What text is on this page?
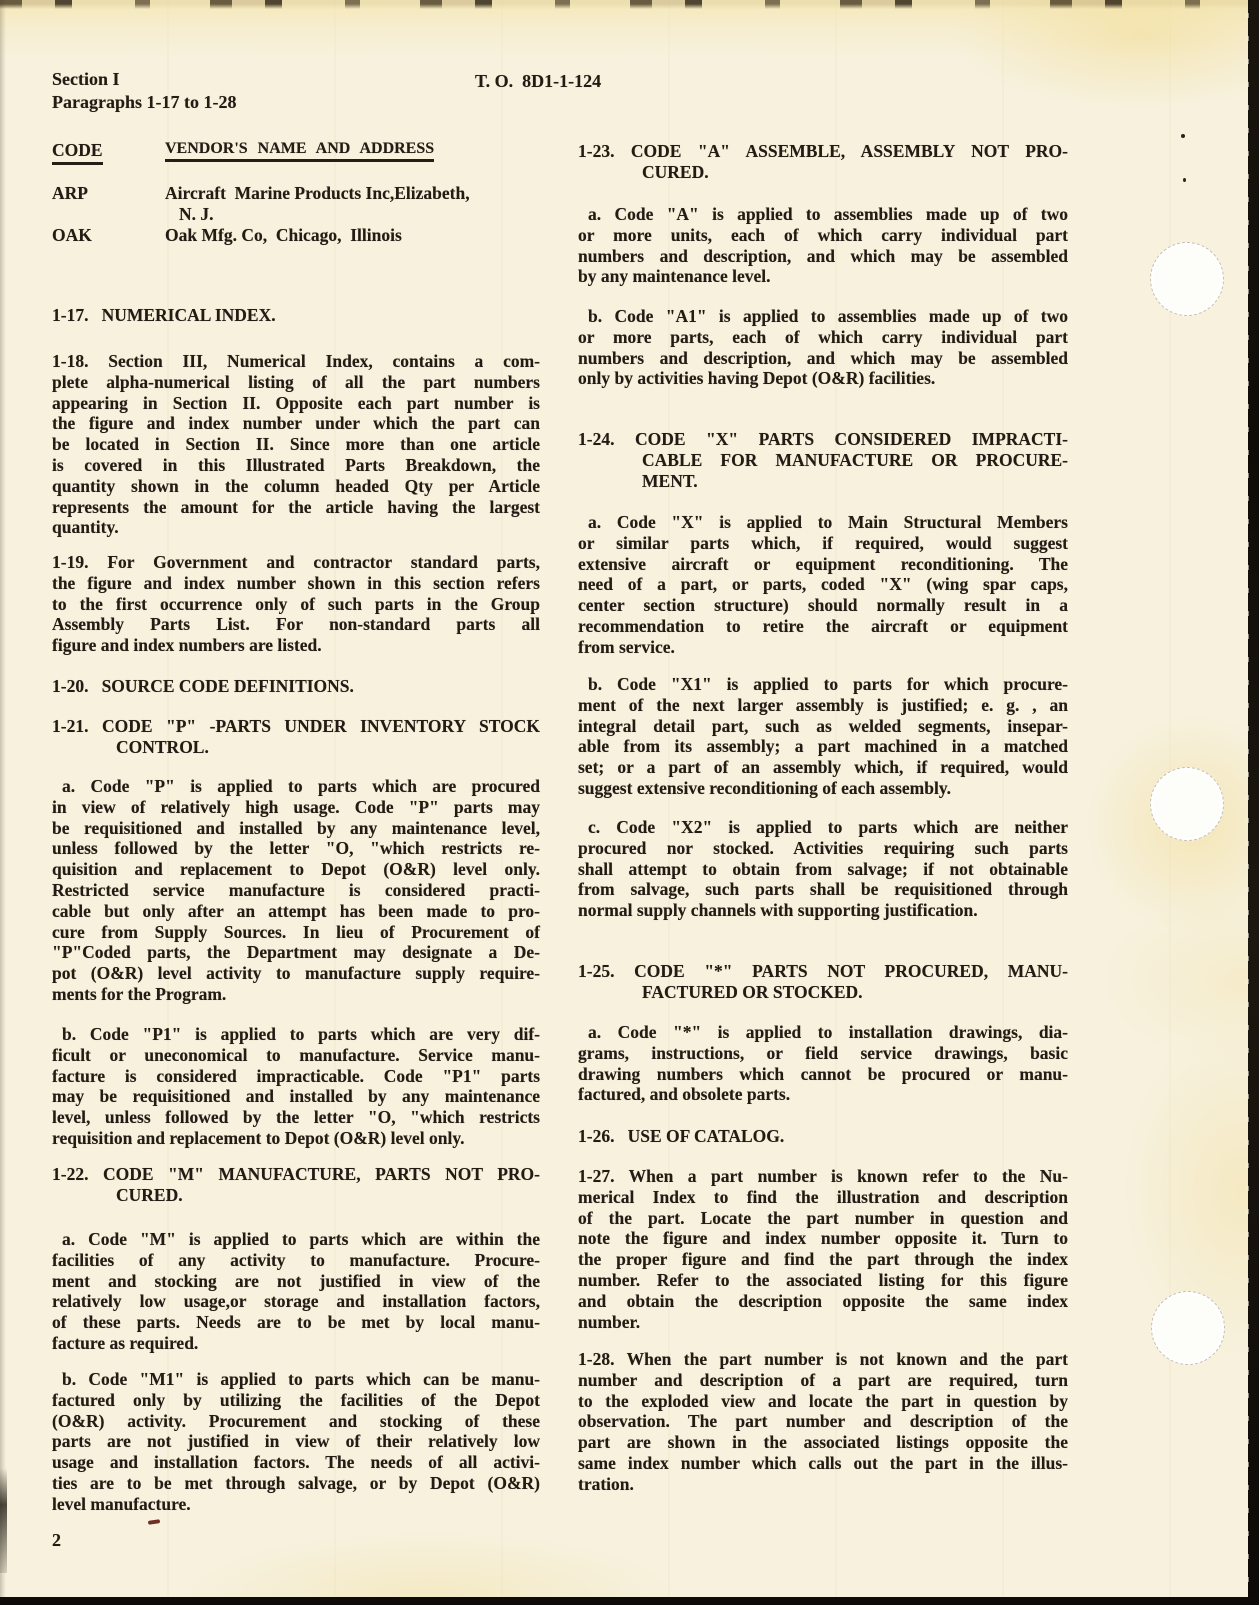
Section I
Paragraphs 1-17 to 1-28
T. O.  8D1-1-124
CODE	VENDOR'S NAME AND ADDRESS
ARP	Aircraft  Marine Products Inc,Elizabeth,
N. J.
OAK	Oak Mfg. Co,  Chicago,  Illinois
1-17.   NUMERICAL INDEX.
1-18. Section III, Numerical Index, contains a com-
plete alpha-numerical listing of all the part numbers
appearing in Section II. Opposite each part number is
the figure and index number under which the part can
be located in Section II. Since more than one article
is covered in this Illustrated Parts Breakdown, the
quantity shown in the column headed Qty per Article
represents the amount for the article having the largest
quantity.
1-19. For Government and contractor standard parts,
the figure and index number shown in this section refers
to the first occurrence only of such parts in the Group
Assembly Parts List. For non-standard parts all
figure and index numbers are listed.
1-20.   SOURCE CODE DEFINITIONS.
1-21. CODE "P" -PARTS UNDER INVENTORY STOCK
CONTROL.
a. Code "P" is applied to parts which are procured
in view of relatively high usage. Code "P" parts may
be requisitioned and installed by any maintenance level,
unless followed by the letter "O, "which restricts re-
quisition and replacement to Depot (O&R) level only.
Restricted service manufacture is considered practi-
cable but only after an attempt has been made to pro-
cure from Supply Sources. In lieu of Procurement of
"P"Coded parts, the Department may designate a De-
pot (O&R) level activity to manufacture supply require-
ments for the Program.
b. Code "P1" is applied to parts which are very dif-
ficult or uneconomical to manufacture. Service manu-
facture is considered impracticable. Code "P1" parts
may be requisitioned and installed by any maintenance
level, unless followed by the letter "O, "which restricts
requisition and replacement to Depot (O&R) level only.
1-22. CODE "M" MANUFACTURE, PARTS NOT PRO-
CURED.
a. Code "M" is applied to parts which are within the
facilities of any activity to manufacture. Procure-
ment and stocking are not justified in view of the
relatively low usage,or storage and installation factors,
of these parts. Needs are to be met by local manu-
facture as required.
b. Code "M1" is applied to parts which can be manu-
factured only by utilizing the facilities of the Depot
(O&R) activity. Procurement and stocking of these
parts are not justified in view of their relatively low
usage and installation factors. The needs of all activi-
ties are to be met through salvage, or by Depot (O&R)
level manufacture.
2
1-23. CODE "A" ASSEMBLE, ASSEMBLY NOT PRO-
CURED.
a. Code "A" is applied to assemblies made up of two
or more units, each of which carry individual part
numbers and description, and which may be assembled
by any maintenance level.
b. Code "A1" is applied to assemblies made up of two
or more parts, each of which carry individual part
numbers and description, and which may be assembled
only by activities having Depot (O&R) facilities.
1-24. CODE "X" PARTS CONSIDERED IMPRACTI-
CABLE FOR MANUFACTURE OR PROCURE-
MENT.
a. Code "X" is applied to Main Structural Members
or similar parts which, if required, would suggest
extensive aircraft or equipment reconditioning. The
need of a part, or parts, coded "X" (wing spar caps,
center section structure) should normally result in a
recommendation to retire the aircraft or equipment
from service.
b. Code "X1" is applied to parts for which procure-
ment of the next larger assembly is justified; e. g. , an
integral detail part, such as welded segments, insepar-
able from its assembly; a part machined in a matched
set; or a part of an assembly which, if required, would
suggest extensive reconditioning of each assembly.
c. Code "X2" is applied to parts which are neither
procured nor stocked. Activities requiring such parts
shall attempt to obtain from salvage; if not obtainable
from salvage, such parts shall be requisitioned through
normal supply channels with supporting justification.
1-25. CODE "*" PARTS NOT PROCURED, MANU-
FACTURED OR STOCKED.
a. Code "*" is applied to installation drawings, dia-
grams, instructions, or field service drawings, basic
drawing numbers which cannot be procured or manu-
factured, and obsolete parts.
1-26.   USE OF CATALOG.
1-27. When a part number is known refer to the Nu-
merical Index to find the illustration and description
of the part. Locate the part number in question and
note the figure and index number opposite it. Turn to
the proper figure and find the part through the index
number. Refer to the associated listing for this figure
and obtain the description opposite the same index
number.
1-28. When the part number is not known and the part
number and description of a part are required, turn
to the exploded view and locate the part in question by
observation. The part number and description of the
part are shown in the associated listings opposite the
same index number which calls out the part in the illus-
tration.
